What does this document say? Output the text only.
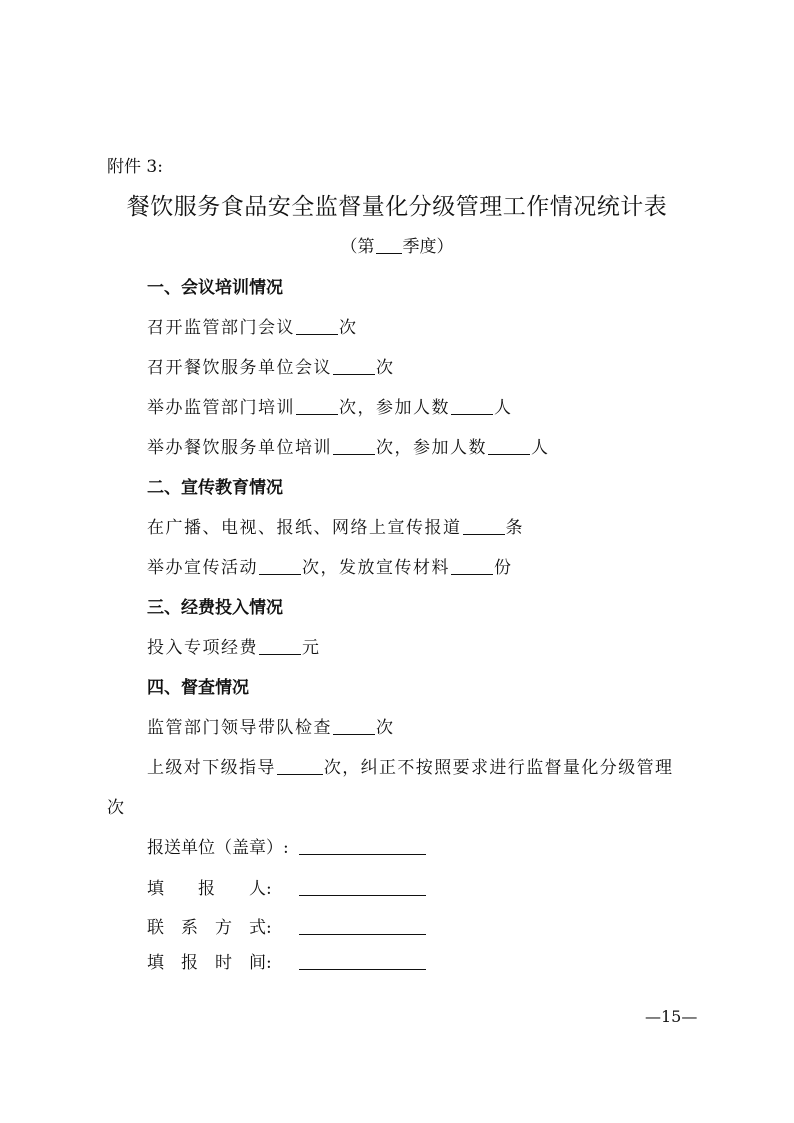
附件 3:
餐饮服务食品安全监督量化分级管理工作情况统计表
（第 季度）
一、会议培训情况
召开监管部门会议	次
召开餐饮服务单位会议	次
举办监管部门培训	次，参加人数	人
举办餐饮服务单位培训	次，参加人数	人
二、宣传教育情况
在广播、电视、报纸、网络上宣传报道	条
举办宣传活动	次，发放宣传材料	份
三、经费投入情况
投入专项经费	元
四、督查情况
监管部门领导带队检查	次
上级对下级指导	次，纠正不按照要求进行监督量化分级管理
次
报送单位（盖章）:
填　　报　　人:
联　系　方　式:
填　报　时　间:
—15—
